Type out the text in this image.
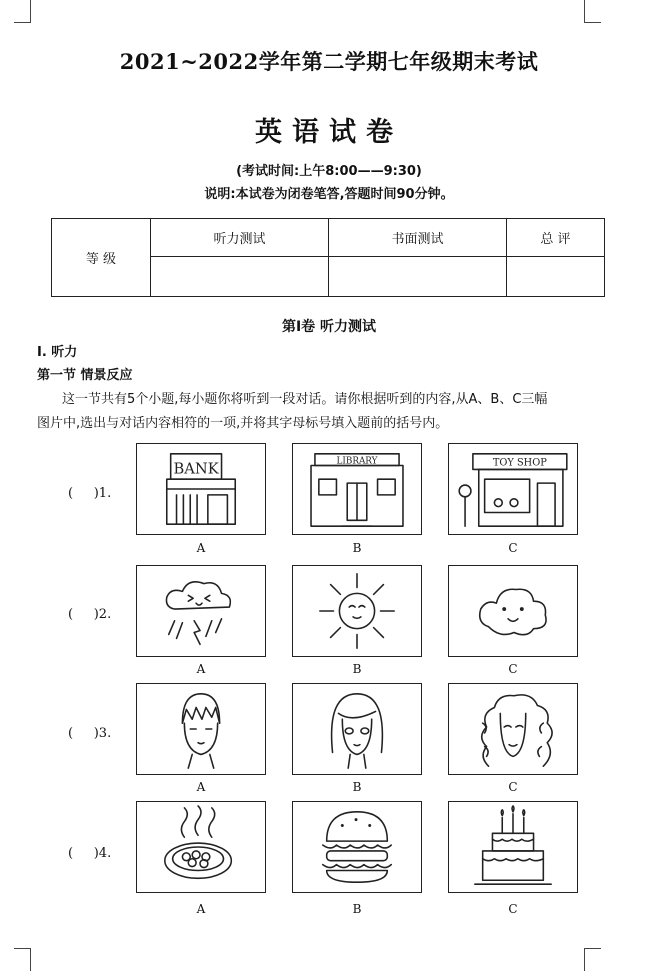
2021~2022学年第二学期七年级期末考试
英语试卷
(考试时间:上午8:00——9:30)
说明:本试卷为闭卷笔答,答题时间90分钟。
等 级	听力测试	书面测试	总 评

第I卷 听力测试
I. 听力
第一节 情景反应
这一节共有5个小题,每小题你将听到一段对话。请你根据听到的内容,从A、B、C三幅
图片中,选出与对话内容相符的一项,并将其字母标号填入题前的括号内。
(     )1.
BANK
A
LIBRARY
B
TOY SHOP
C
(     )2.
A	B	C
(     )3.
A	B	C
(     )4.
A	B	C
